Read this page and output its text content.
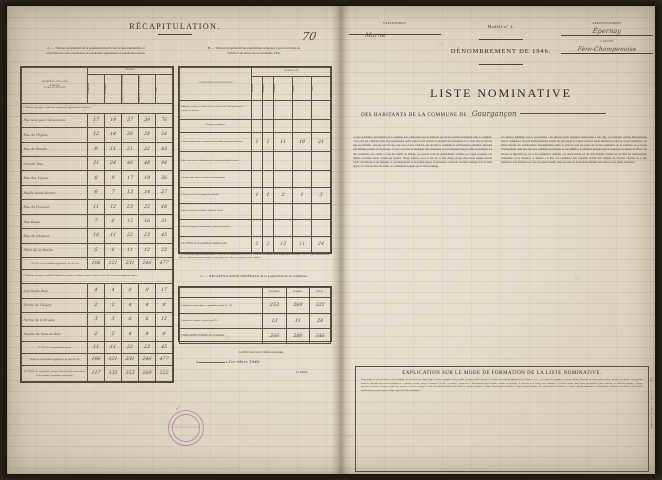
RÉCAPITULATION.
70
A. — Tableau récapitulatif de la population inscrite sur la liste nominative et
répartition de cette population en population agglomérée et population éparse.
B. — Tableau récapitulatif des populations comptées à part et exclues de
l'article 2 du décret du 22 novembre 1945.
QUARTIERS, VILLAGES
HAMEAUX
ÉCARTS ET LIEUX DITS	NOMBRE				

	de maisons	de ménages	d'individus de sexe masculin	d'individus de sexe féminin	total

I. Maisons, ménages et individus composant l'agglomération chef-lieu :					

Rue Georges Clemenceau	17	19	37	39	76

Rue de l'Église	12	14	26	28	54

Rue du Moulin	9	11	21	22	43

Grande Rue	21	24	46	48	94

Rue des Vignes	8	9	17	19	36

Ruelle Saint-Martin	6	7	13	14	27

Rue du Pressoir	11	12	23	25	48

Rue Basse	7	8	15	16	31

Rue du Château	10	11	22	23	45

Place de la Mairie	5	6	11	12	23

I. TOTAL de la population agglomérée au chef-lieu	106	121	231	246	477

II. Maisons, ménages et individus habitant les quartiers, villages, hameaux, écarts et lieux dits, formant la population éparse :					

Les Hauts Bois	4	4	8	9	17

Ferme de Chigny	2	2	4	4	8

Ferme de la Brosse	3	3	6	6	12

Moulin de Sous-le-Bois	2	2	4	4	8

II. TOTAL de la population éparse	11	11	22	23	45

Report de la population agglomérée au chef-lieu (I)	106	121	231	246	477

III. TOTAL de la population comptée dans les limites du territoire de la commune (population municipale)	117	132	253	269	522
CATÉGORIES DE POPULATION	NOMBRE DE				

	maisons	ménages	hommes	femmes	total

Militaires, marins des armées de terre, de mer et de l'air logés dans les casernes et quartiers					

Hospices et hôpitaux					

Détenus administratifs et personnels des établissements pénitentiaires	1	1	11	10	21

Élèves internes des établissements d'enseignement public et privé					

Ouvriers logés dans les chantiers et baraquements					

Personnes sans abri et population flottante	1	1	2	1	3

Bateliers ayant leur résidence habituelle à bord					

Ouvriers étrangers à la commune, occupés sur chantiers					

IV. TOTAL de la population comptée à part	2	2	13	11	24
(1) Les personnes logées habituellement à l'extérieur des établissements de l'article 2 doivent être inscrites dans la population municipale, et celles logées habituellement dans ces établissements sont comptées à part seulement si elles ne sont pas recensées ailleurs.
C. — RÉCAPITULATION GÉNÉRALE de la population de la commune.

	HOMMES	FEMMES	TOTAL

Population municipale ou population totale (I + II)	253	269	522

Population comptée à part (total IV)	13	11	24

POPULATION TOTALE de la commune	266	280	546
Certifié exact par le Maire soussigné,
À	le 1er Mars 1946
Le Maire,
MAIRIE DE GOURGANÇON
✓
DÉPARTEMENT
Marne
Modèle n° 2.
DÉNOMBREMENT DE 1946.
ARRONDISSEMENT
Épernay
CANTON
Fère-Champenoise
LISTE NOMINATIVE
DES HABITANTS DE LA COMMUNE DE Gourgançon
La liste nominative des habitants de la commune doit comprendre tous les habitants qui ont leur résidence habituelle dans la commune, c'est-à-dire qui y habitent d'une façon permanente, qu'ils soient ou non présents au moment du recensement. Il y a donc lieu d'y inscrire tous les individus, quel que soit leur âge, leur sexe ou leur condition, qui ont dans la commune un établissement permanent, ainsi que les habitants présents ou de passage, et il n'y a pas lieu de distinguer entre nationaux ou ressortissants français, alliés ou étrangers. La liste nominative sera établie à l'aide des feuilles de ménage, qui doivent avoir été préalablement vérifiées par l'agent recenseur. Les feuilles recueillies seront classées par quartier, village, hameau, écart ou lieu dit, et dans chaque groupe elles seront rangées suivant l'ordre des maisons et des ménages. Il est indispensable de ne jamais séparer les personnes composant un même ménage et de les faire figurer à la suite les unes des autres, en commençant toujours par le chef de ménage.
Les maisons inhabitées dont le recensement a été effectué seront également mentionnées à leur rang. Les individus résidant habituellement dans la commune et qui sont momentanément absents lors du passage de l'agent recenseur seront néanmoins portés sur la liste nominative. Les élèves internes des établissements d'enseignement public et privé ne sont pas portés sur la liste nominative de la commune où se trouve l'établissement, mais sur celle de la commune de résidence de leur famille. Les militaires présents sous les drapeaux, les marins de l'État et les détenus ne figureront pas sur la liste nominative ordinaire ; ils seront inscrits sur des états distincts, dressés par les chefs des établissements d'utilisation ou de détention, et annexés à la liste. Les conditions dans lesquelles doivent être remplies les diverses colonnes de la liste nominative sont indiquées au verso du présent feuillet, ainsi que dans les instructions destinées aux maires et aux agents recenseurs.
EXPLICATION SUR LE MODE DE FORMATION DE LA LISTE NOMINATIVE.
Chaque ligne ne portera qu'une seule inscription, de telle sorte que chaque page renferme cinquante noms, ni plus, ni moins, sauf la dernière. Les noms d'acteurs des tableaux de la Colonne 1 et 2. — Les noms des quartiers, sections, villages, hameaux ou écarts seront écrits de manière à se trouver en regard des noms des individus qui sont les habitants de ce quartier, section, village ou hameau. On doit, en principe, commencer le dénombrement par la partie centrale ou principale, le chef-lieu ou le bourg, de la commune, et inscrire ensuite, dans l'ordre qui paraîtra le plus commode, les différents quartiers, villages, hameaux et écarts. Le numéro d'ordre des maisons, celui des ménages et celui des individus doivent être portés en colonnes distinctes. Chaque maison porte un numéro, chaque ménage habitant cette maison porte un numéro, et chaque individu composant ce ménage porte également un numéro, cette dernière numérotation recommençant à chaque page de la liste nominative.	Imprimerie Nationale — Modèle n° 2 — 1946
